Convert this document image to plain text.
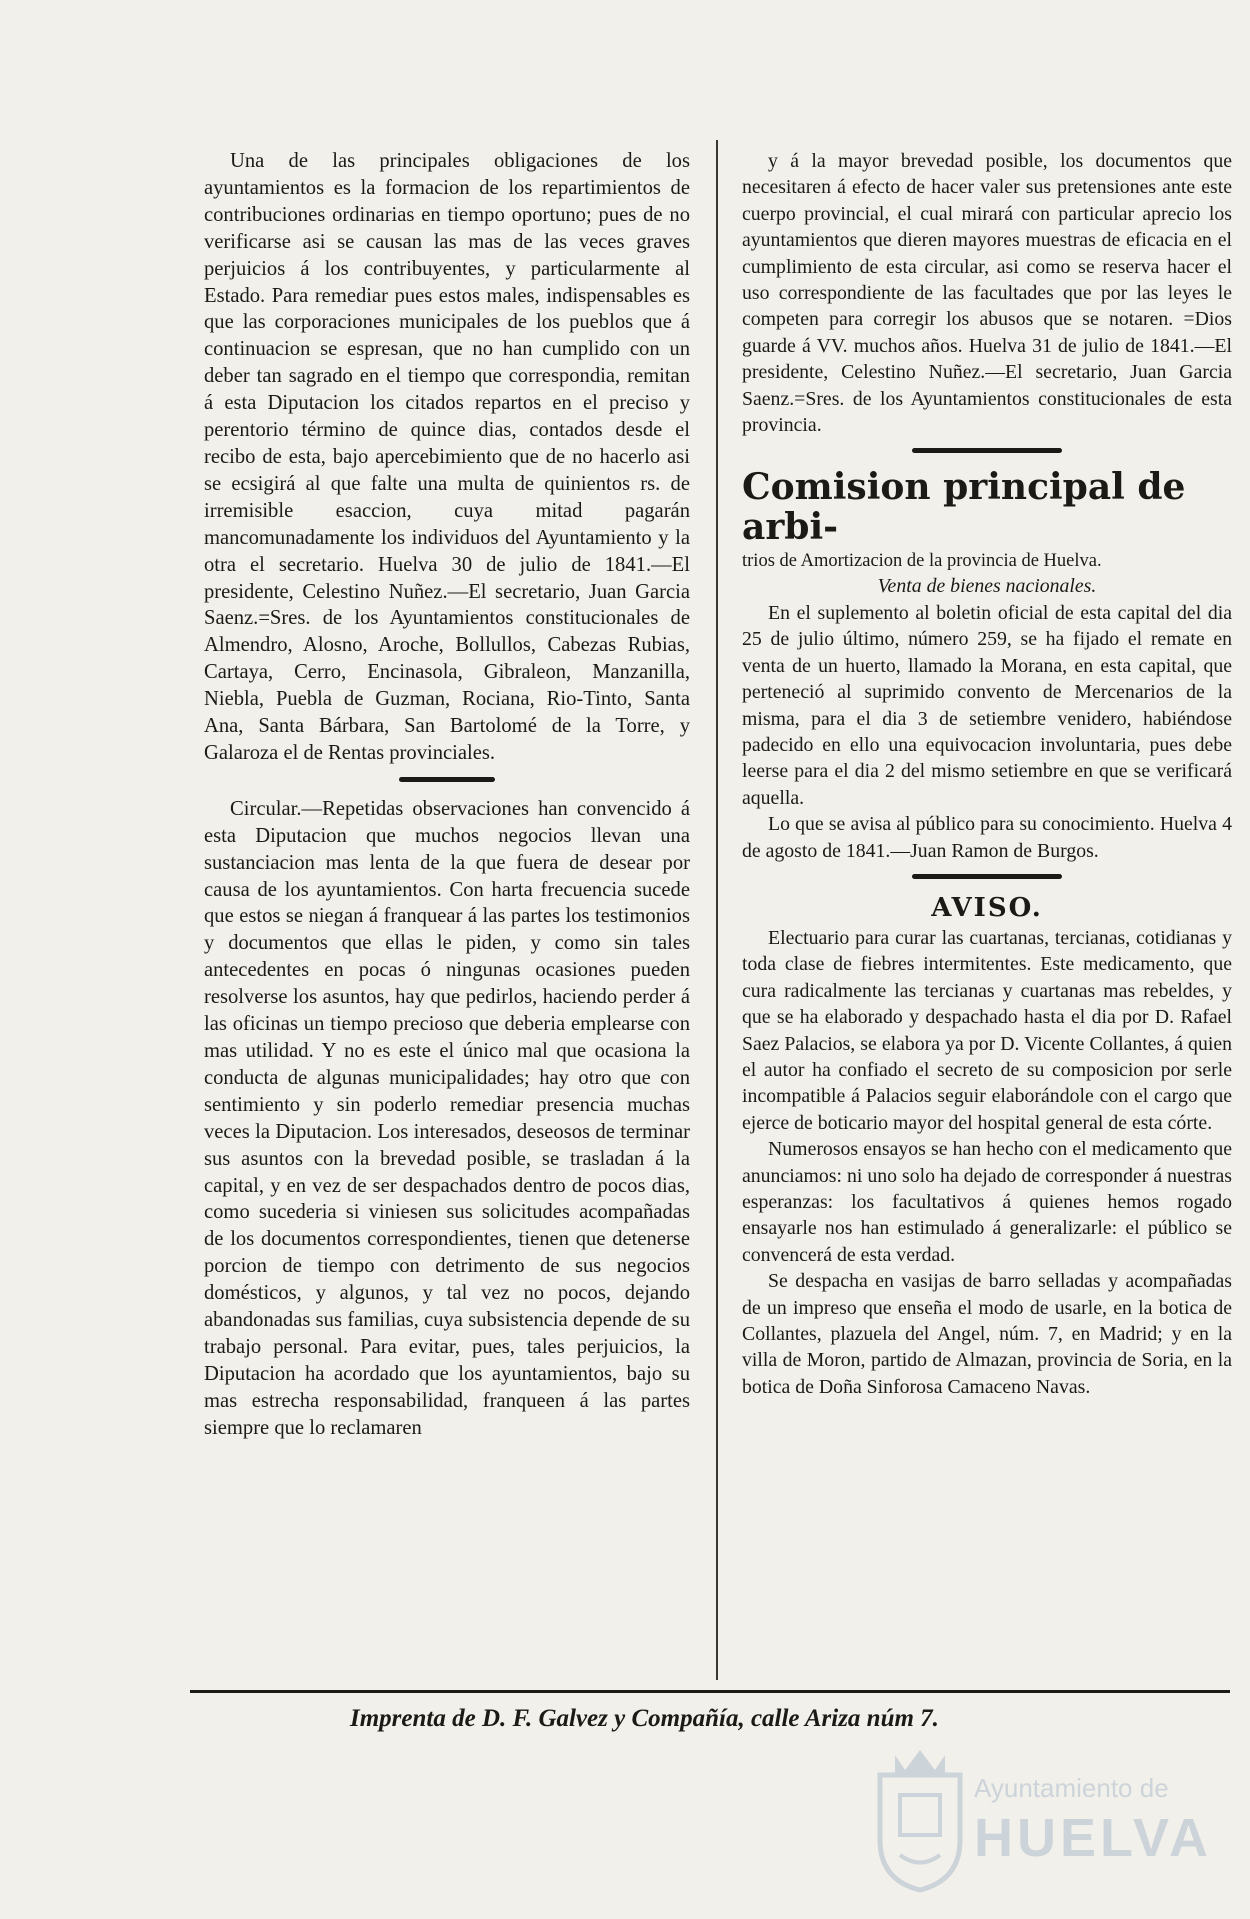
Una de las principales obligaciones de los ayuntamientos es la formacion de los repartimientos de contribuciones ordinarias en tiempo oportuno; pues de no verificarse asi se causan las mas de las veces graves perjuicios á los contribuyentes, y particularmente al Estado. Para remediar pues estos males, indispensables es que las corporaciones municipales de los pueblos que á continuacion se espresan, que no han cumplido con un deber tan sagrado en el tiempo que correspondia, remitan á esta Diputacion los citados repartos en el preciso y perentorio término de quince dias, contados desde el recibo de esta, bajo apercebimiento que de no hacerlo asi se ecsigirá al que falte una multa de quinientos rs. de irremisible esaccion, cuya mitad pagarán mancomunadamente los individuos del Ayuntamiento y la otra el secretario. Huelva 30 de julio de 1841.—El presidente, Celestino Nuñez.—El secretario, Juan Garcia Saenz.=Sres. de los Ayuntamientos constitucionales de Almendro, Alosno, Aroche, Bollullos, Cabezas Rubias, Cartaya, Cerro, Encinasola, Gibraleon, Manzanilla, Niebla, Puebla de Guzman, Rociana, Rio-Tinto, Santa Ana, Santa Bárbara, San Bartolomé de la Torre, y Galaroza el de Rentas provinciales.

Circular.—Repetidas observaciones han convencido á esta Diputacion que muchos negocios llevan una sustanciacion mas lenta de la que fuera de desear por causa de los ayuntamientos. Con harta frecuencia sucede que estos se niegan á franquear á las partes los testimonios y documentos que ellas le piden, y como sin tales antecedentes en pocas ó ningunas ocasiones pueden resolverse los asuntos, hay que pedirlos, haciendo perder á las oficinas un tiempo precioso que deberia emplearse con mas utilidad. Y no es este el único mal que ocasiona la conducta de algunas municipalidades; hay otro que con sentimiento y sin poderlo remediar presencia muchas veces la Diputacion. Los interesados, deseosos de terminar sus asuntos con la brevedad posible, se trasladan á la capital, y en vez de ser despachados dentro de pocos dias, como sucederia si viniesen sus solicitudes acompañadas de los documentos correspondientes, tienen que detenerse porcion de tiempo con detrimento de sus negocios domésticos, y algunos, y tal vez no pocos, dejando abandonadas sus familias, cuya subsistencia depende de su trabajo personal. Para evitar, pues, tales perjuicios, la Diputacion ha acordado que los ayuntamientos, bajo su mas estrecha responsabilidad, franqueen á las partes siempre que lo reclamaren

y á la mayor brevedad posible, los documentos que necesitaren á efecto de hacer valer sus pretensiones ante este cuerpo provincial, el cual mirará con particular aprecio los ayuntamientos que dieren mayores muestras de eficacia en el cumplimiento de esta circular, asi como se reserva hacer el uso correspondiente de las facultades que por las leyes le competen para corregir los abusos que se notaren. =Dios guarde á VV. muchos años. Huelva 31 de julio de 1841.—El presidente, Celestino Nuñez.—El secretario, Juan Garcia Saenz.=Sres. de los Ayuntamientos constitucionales de esta provincia.

Comision principal de arbi-

trios de Amortizacion de la provincia de Huelva.

Venta de bienes nacionales.

En el suplemento al boletin oficial de esta capital del dia 25 de julio último, número 259, se ha fijado el remate en venta de un huerto, llamado la Morana, en esta capital, que perteneció al suprimido convento de Mercenarios de la misma, para el dia 3 de setiembre venidero, habiéndose padecido en ello una equivocacion involuntaria, pues debe leerse para el dia 2 del mismo setiembre en que se verificará aquella.

Lo que se avisa al público para su conocimiento. Huelva 4 de agosto de 1841.—Juan Ramon de Burgos.

AVISO.

Electuario para curar las cuartanas, tercianas, cotidianas y toda clase de fiebres intermitentes. Este medicamento, que cura radicalmente las tercianas y cuartanas mas rebeldes, y que se ha elaborado y despachado hasta el dia por D. Rafael Saez Palacios, se elabora ya por D. Vicente Collantes, á quien el autor ha confiado el secreto de su composicion por serle incompatible á Palacios seguir elaborándole con el cargo que ejerce de boticario mayor del hospital general de esta córte.

Numerosos ensayos se han hecho con el medicamento que anunciamos: ni uno solo ha dejado de corresponder á nuestras esperanzas: los facultativos á quienes hemos rogado ensayarle nos han estimulado á generalizarle: el público se convencerá de esta verdad.

Se despacha en vasijas de barro selladas y acompañadas de un impreso que enseña el modo de usarle, en la botica de Collantes, plazuela del Angel, núm. 7, en Madrid; y en la villa de Moron, partido de Almazan, provincia de Soria, en la botica de Doña Sinforosa Camaceno Navas.

Imprenta de D. F. Galvez y Compañía, calle Ariza núm 7.
Ayuntamiento de
HUELVA
